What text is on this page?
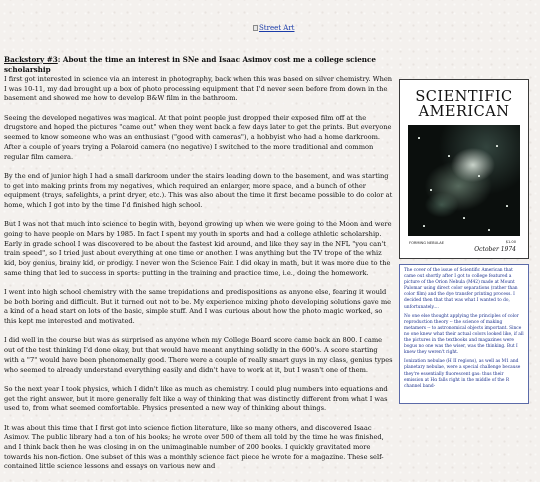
Street Art
Backstory #3: About the time an interest in SNe and Isaac Asimov cost me a college science scholarship

I first got interested in science via an interest in photography, back when this was based on silver chemistry. When I was 10-11, my dad brought up a box of photo processing equipment that I'd never seen before from down in the basement and showed me how to develop B&W film in the bathroom.

Seeing the developed negatives was magical. At that point people just dropped their exposed film off at the drugstore and hoped the pictures "came out" when they went back a few days later to get the prints. But everyone seemed to know someone who was an enthusiast ("good with cameras"), a hobbyist who had a home darkroom. After a couple of years trying a Polaroid camera (no negative) I switched to the more traditional and common regular film camera.

By the end of junior high I had a small darkroom under the stairs leading down to the basement, and was starting to get into making prints from my negatives, which required an enlarger, more space, and a bunch of other equipment (trays, safelights, a print dryer, etc.). This was also about the time it first became possible to do color at home, which I got into by the time I'd finished high school.

But I was not that much into science to begin with, beyond growing up when we were going to the Moon and were going to have people on Mars by 1985. In fact I spent my youth in sports and had a college athletic scholarship. Early in grade school I was discovered to be about the fastest kid around, and like they say in the NFL "you can't train speed", so I tried just about everything at one time or another. I was anything but the TV trope of the whiz kid, boy genius, brainy kid, or prodigy. I never won the Science Fair. I did okay in math, but it was more due to the same thing that led to success in sports: putting in the training and practice time, i.e., doing the homework.

I went into high school chemistry with the same trepidations and predispositions as anyone else, fearing it would be both boring and difficult. But it turned out not to be. My experience mixing photo developing solutions gave me a kind of a head start on lots of the basic, simple stuff. And I was curious about how the photo magic worked, so this kept me interested and motivated.

I did well in the course but was as surprised as anyone when my College Board score came back an 800. I came out of the test thinking I'd done okay, but that would have meant anything solidly in the 600's. A score starting with a "7" would have been phenomenally good. There were a couple of really smart guys in my class, genius types who seemed to already understand everything easily and didn't have to work at it, but I wasn't one of them.

So the next year I took physics, which I didn't like as much as chemistry. I could plug numbers into equations and get the right answer, but it more generally felt like a way of thinking that was distinctly different from what I was used to, from what seemed comfortable. Physics presented a new way of thinking about things.

It was about this time that I first got into science fiction literature, like so many others, and discovered Isaac Asimov. The public library had a ton of his books; he wrote over 500 of them all told by the time he was finished, and I think back then he was closing in on the unimaginable number of 200 books. I quickly gravitated more towards his non-fiction. One subset of this was a monthly science fact piece he wrote for a magazine. These self-contained little science lessons and essays on various new and

SCIENTIFIC AMERICAN
FORMING NEBULAE	$1.00
October 1974

The cover of the issue of Scientific American that came out shortly after I got to college featured a picture of the Orion Nebula (M42) made at Mount Palomar using direct color separations (rather than color film) and the dye transfer printing process. I decided then that that was what I wanted to do, unfortunately....

No one else thought applying the principles of color reproduction theory -- the science of making metamers -- to astronomical objects important. Since no one knew what their actual colors looked like, if all the pictures in the textbooks and magazines were bogus no one was the wiser, was the thinking. But I knew they weren't right.

Ionization nebulae (H II regions), as well as M1 and planetary nebulae, were a special challenge because they're essentially fluorescent gas: thus their emission at Hα falls right in the middle of the R channel band-
